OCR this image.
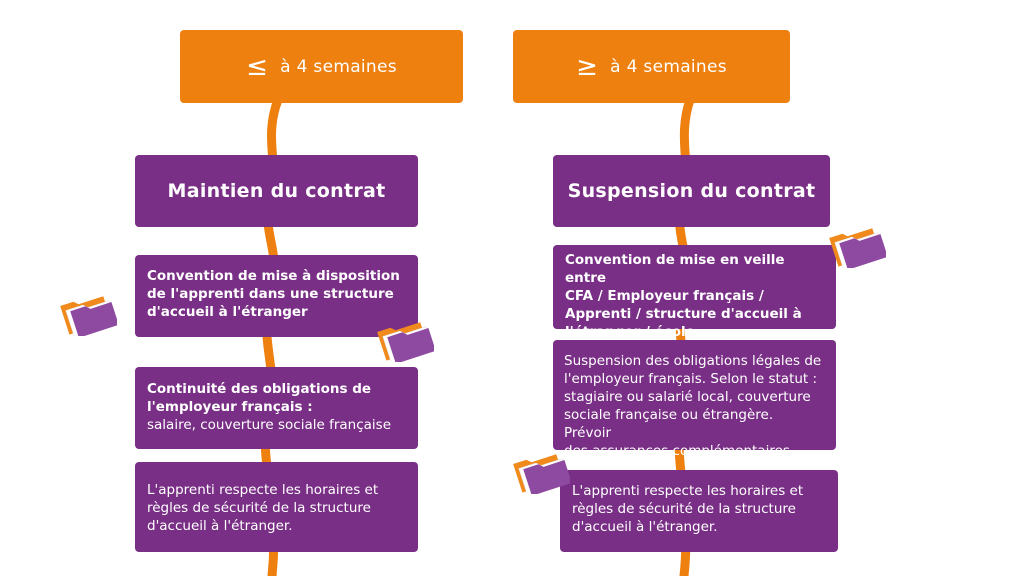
≤ à 4 semaines
Maintien du contrat
Convention de mise à disposition
de l'apprenti dans une structure
d'accueil à l'étranger
Continuité des obligations de
l'employeur français :
salaire, couverture sociale française
L'apprenti respecte les horaires et
règles de sécurité de la structure
d'accueil à l'étranger.
≥ à 4 semaines
Suspension du contrat
Convention de mise en veille entre
CFA / Employeur français /
Apprenti / structure d'accueil à
l'étranger / école
Suspension des obligations légales de
l'employeur français. Selon le statut :
stagiaire ou salarié local, couverture
sociale française ou étrangère. Prévoir
des assurances complémentaires.
L'apprenti respecte les horaires et
règles de sécurité de la structure
d'accueil à l'étranger.
